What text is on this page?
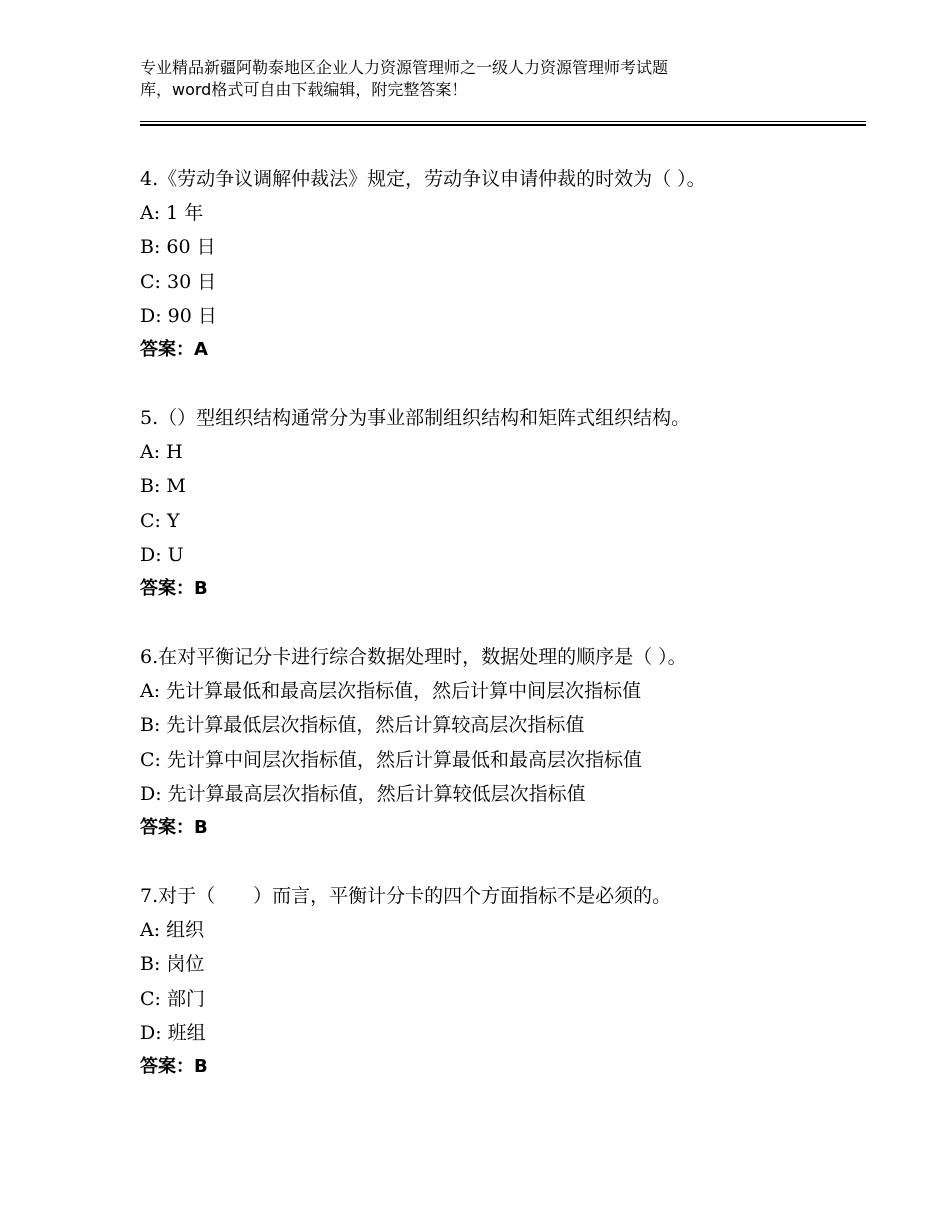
专业精品新疆阿勒泰地区企业人力资源管理师之一级人力资源管理师考试题

库，word格式可自由下载编辑，附完整答案！

4.《劳动争议调解仲裁法》规定，劳动争议申请仲裁的时效为（ ）。
A: 1 年
B: 60 日
C: 30 日
D: 90 日
答案：A
5.（）型组织结构通常分为事业部制组织结构和矩阵式组织结构。
A: H
B: M
C: Y
D: U
答案：B
6.在对平衡记分卡进行综合数据处理时，数据处理的顺序是（ ）。
A: 先计算最低和最高层次指标值，然后计算中间层次指标值
B: 先计算最低层次指标值，然后计算较高层次指标值
C: 先计算中间层次指标值，然后计算最低和最高层次指标值
D: 先计算最高层次指标值，然后计算较低层次指标值
答案：B
7.对于（　　）而言，平衡计分卡的四个方面指标不是必须的。
A: 组织
B: 岗位
C: 部门
D: 班组
答案：B
